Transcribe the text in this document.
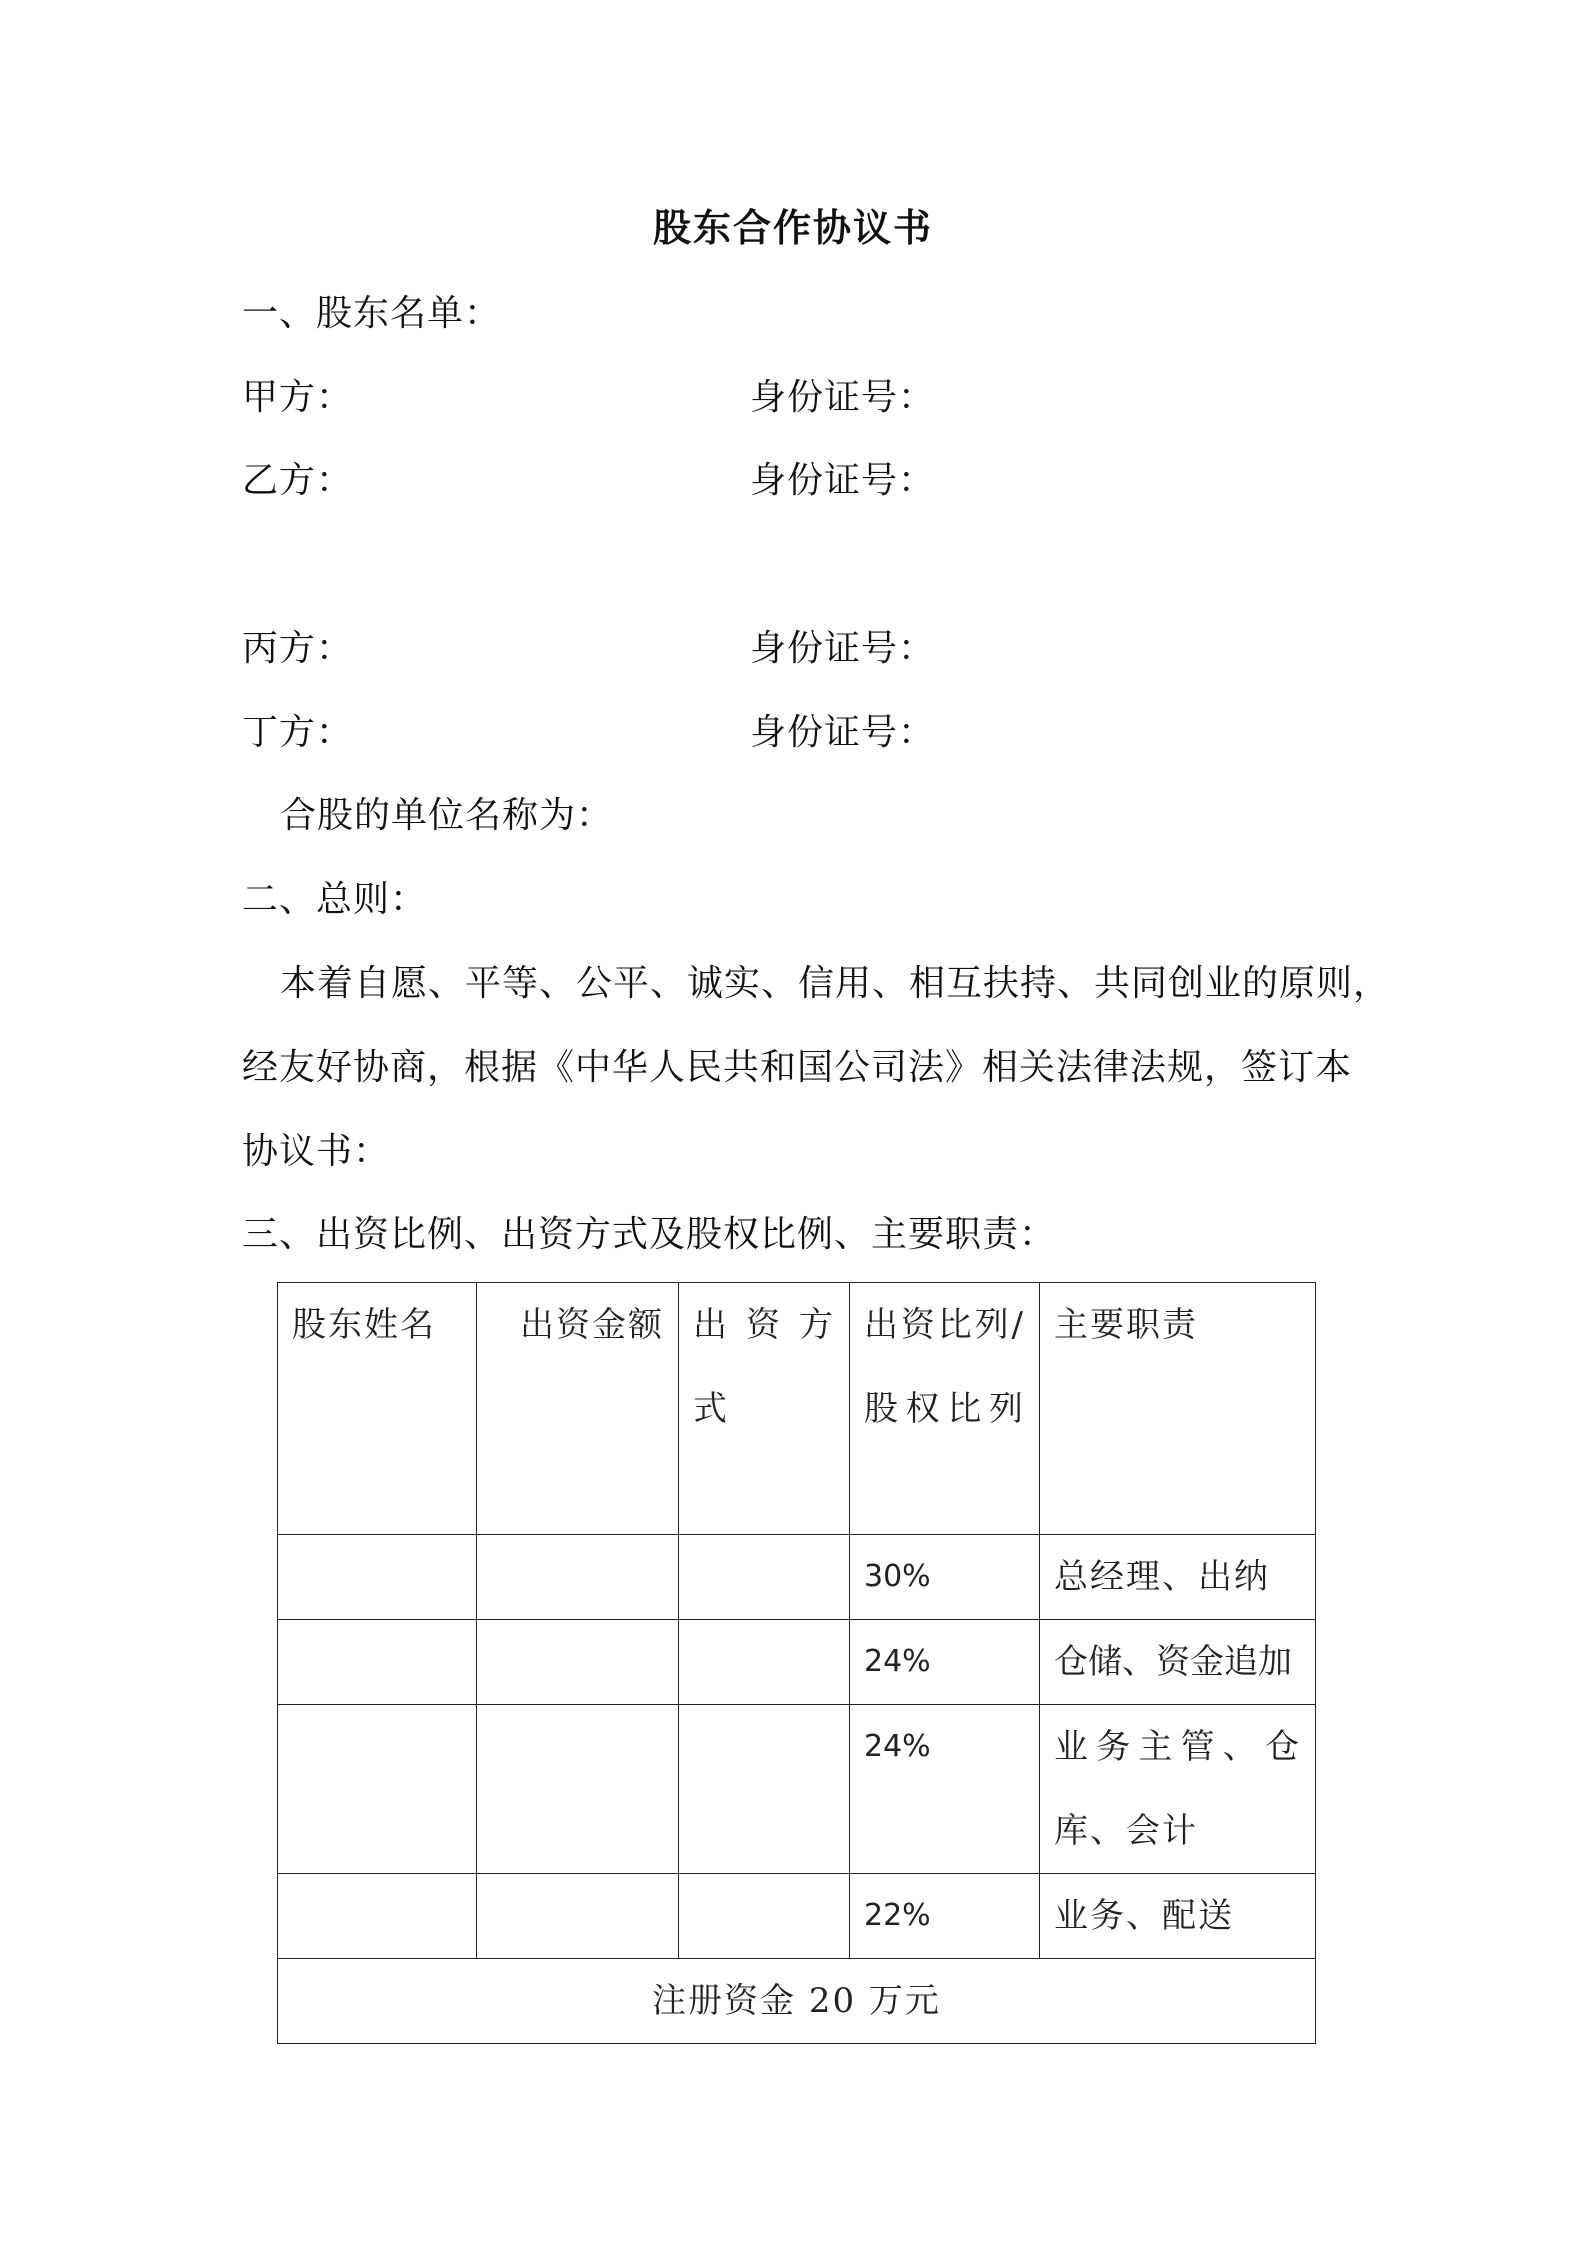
股东合作协议书
一、股东名单：
甲方：	身份证号：
乙方：	身份证号：
丙方：	身份证号：
丁方：	身份证号：
合股的单位名称为：
二、总则：
本着自愿、平等、公平、诚实、信用、相互扶持、共同创业的原则，
经友好协商，根据《中华人民共和国公司法》相关法律法规，签订本
协议书：
三、出资比例、出资方式及股权比例、主要职责：
股东姓名	出资金额	出资方式	出资比列/股权比列	主要职责
			30%	总经理、出纳
			24%	仓储、资金追加
			24%	业务主管、仓库、会计
			22%	业务、配送
注册资金 20 万元				
